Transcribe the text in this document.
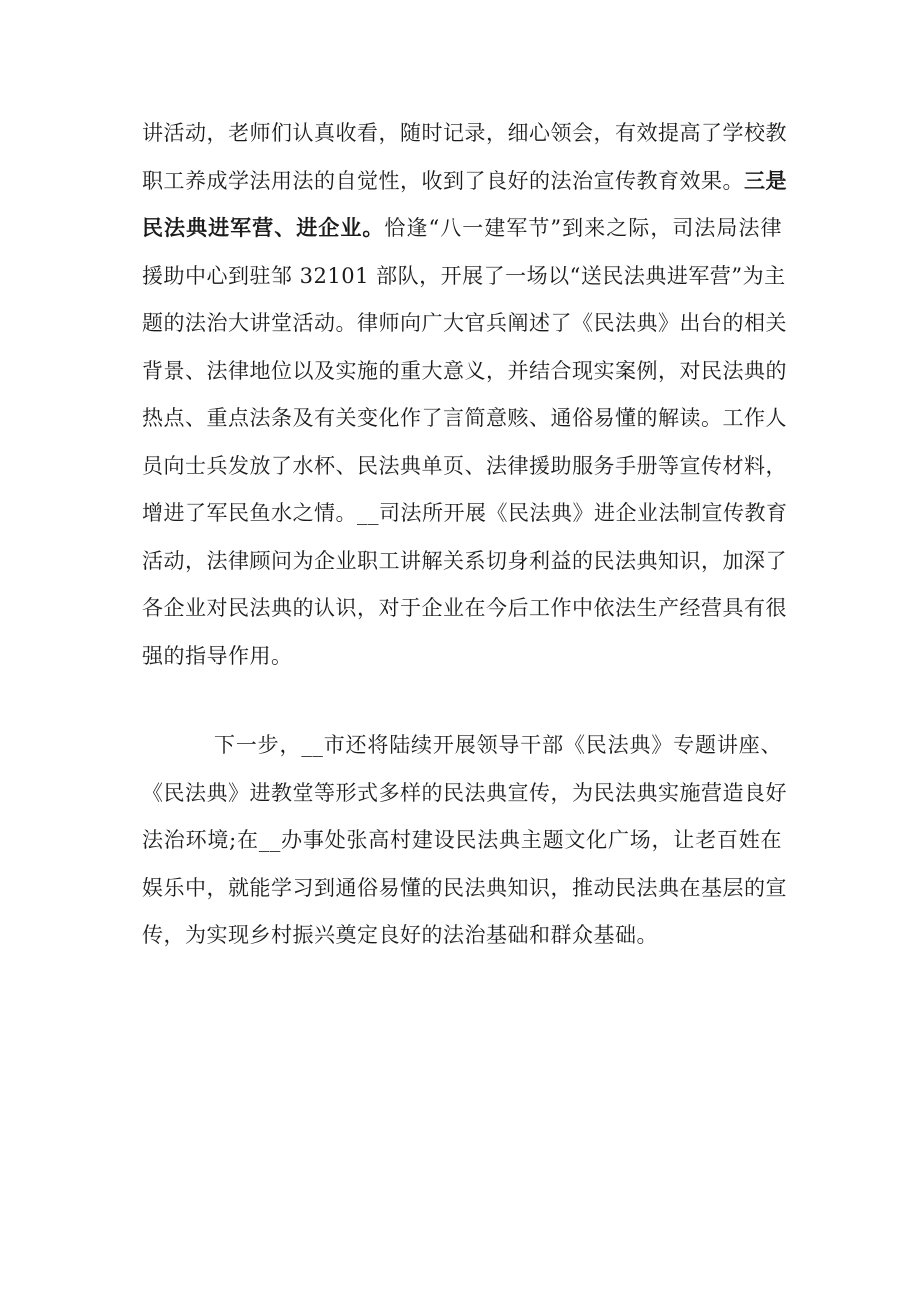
讲活动，老师们认真收看，随时记录，细心领会，有效提高了学校教
职工养成学法用法的自觉性，收到了良好的法治宣传教育效果。三是
民法典进军营、进企业。恰逢“八一建军节”到来之际，司法局法律
援助中心到驻邹 32101 部队，开展了一场以“送民法典进军营”为主
题的法治大讲堂活动。律师向广大官兵阐述了《民法典》出台的相关
背景、法律地位以及实施的重大意义，并结合现实案例，对民法典的
热点、重点法条及有关变化作了言简意赅、通俗易懂的解读。工作人
员向士兵发放了水杯、民法典单页、法律援助服务手册等宣传材料，
增进了军民鱼水之情。__司法所开展《民法典》进企业法制宣传教育
活动，法律顾问为企业职工讲解关系切身利益的民法典知识，加深了
各企业对民法典的认识，对于企业在今后工作中依法生产经营具有很
强的指导作用。
下一步，__市还将陆续开展领导干部《民法典》专题讲座、
《民法典》进教堂等形式多样的民法典宣传，为民法典实施营造良好
法治环境;在__办事处张高村建设民法典主题文化广场，让老百姓在
娱乐中，就能学习到通俗易懂的民法典知识，推动民法典在基层的宣
传，为实现乡村振兴奠定良好的法治基础和群众基础。
